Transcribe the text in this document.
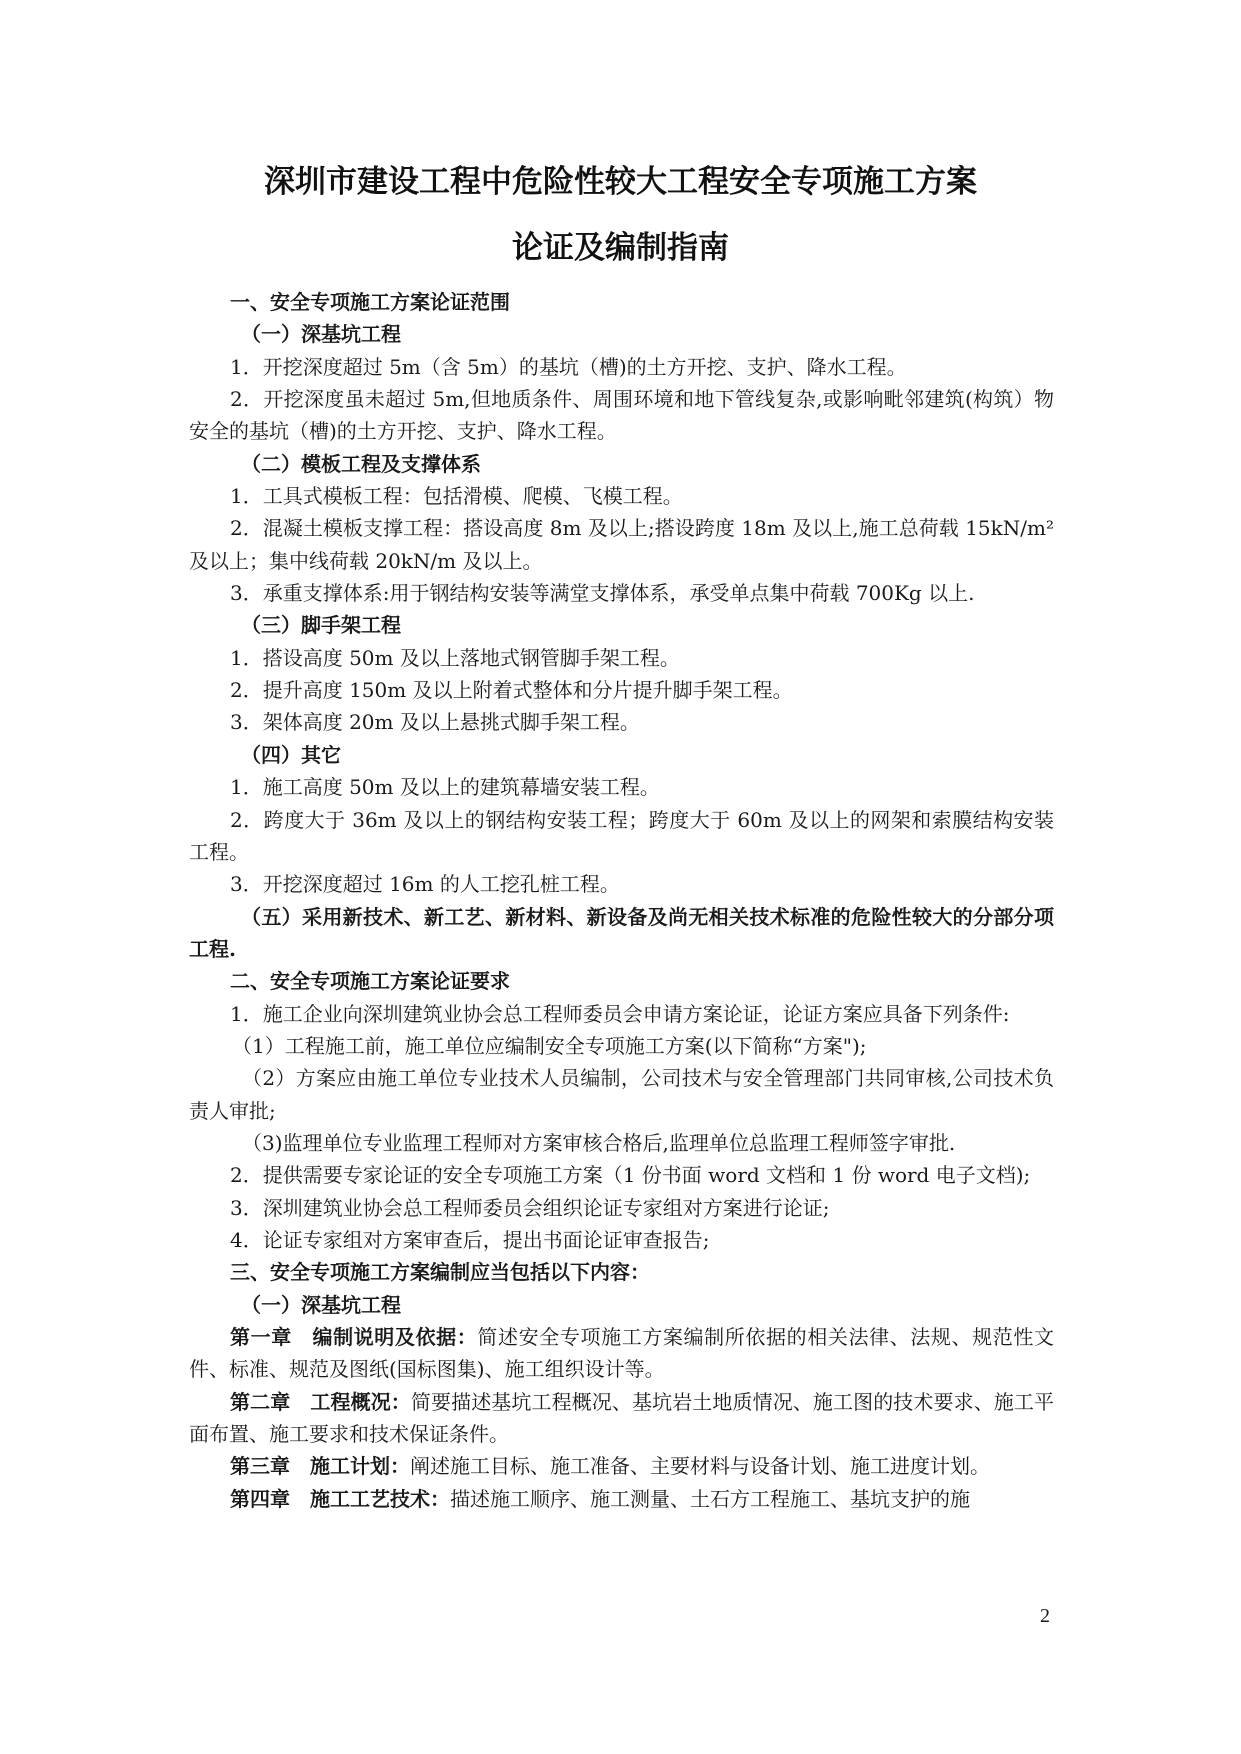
深圳市建设工程中危险性较大工程安全专项施工方案
论证及编制指南

一、安全专项施工方案论证范围

（一）深基坑工程

1．开挖深度超过 5m（含 5m）的基坑（槽)的土方开挖、支护、降水工程。

2．开挖深度虽未超过 5m,但地质条件、周围环境和地下管线复杂,或影响毗邻建筑(构筑）物安全的基坑（槽)的土方开挖、支护、降水工程。

（二）模板工程及支撑体系

1．工具式模板工程：包括滑模、爬模、飞模工程。

2．混凝土模板支撑工程：搭设高度 8m 及以上;搭设跨度 18m 及以上,施工总荷载 15kN/m² 及以上；集中线荷载 20kN/m 及以上。

3．承重支撑体系:用于钢结构安装等满堂支撑体系，承受单点集中荷载 700Kg 以上.

（三）脚手架工程

1．搭设高度 50m 及以上落地式钢管脚手架工程。

2．提升高度 150m 及以上附着式整体和分片提升脚手架工程。

3．架体高度 20m 及以上悬挑式脚手架工程。

（四）其它

1．施工高度 50m 及以上的建筑幕墙安装工程。

2．跨度大于 36m 及以上的钢结构安装工程；跨度大于 60m 及以上的网架和索膜结构安装工程。

3．开挖深度超过 16m 的人工挖孔桩工程。

（五）采用新技术、新工艺、新材料、新设备及尚无相关技术标准的危险性较大的分部分项工程.

二、安全专项施工方案论证要求

1．施工企业向深圳建筑业协会总工程师委员会申请方案论证，论证方案应具备下列条件:

（1）工程施工前，施工单位应编制安全专项施工方案(以下简称“方案");

（2）方案应由施工单位专业技术人员编制，公司技术与安全管理部门共同审核,公司技术负责人审批;

（3)监理单位专业监理工程师对方案审核合格后,监理单位总监理工程师签字审批.

2．提供需要专家论证的安全专项施工方案（1 份书面 word 文档和 1 份 word 电子文档);

3．深圳建筑业协会总工程师委员会组织论证专家组对方案进行论证;

4．论证专家组对方案审查后，提出书面论证审查报告;

三、安全专项施工方案编制应当包括以下内容：

（一）深基坑工程

第一章　编制说明及依据：简述安全专项施工方案编制所依据的相关法律、法规、规范性文件、标准、规范及图纸(国标图集)、施工组织设计等。

第二章　工程概况：简要描述基坑工程概况、基坑岩土地质情况、施工图的技术要求、施工平面布置、施工要求和技术保证条件。

第三章　施工计划：阐述施工目标、施工准备、主要材料与设备计划、施工进度计划。

第四章　施工工艺技术：描述施工顺序、施工测量、土石方工程施工、基坑支护的施

2
